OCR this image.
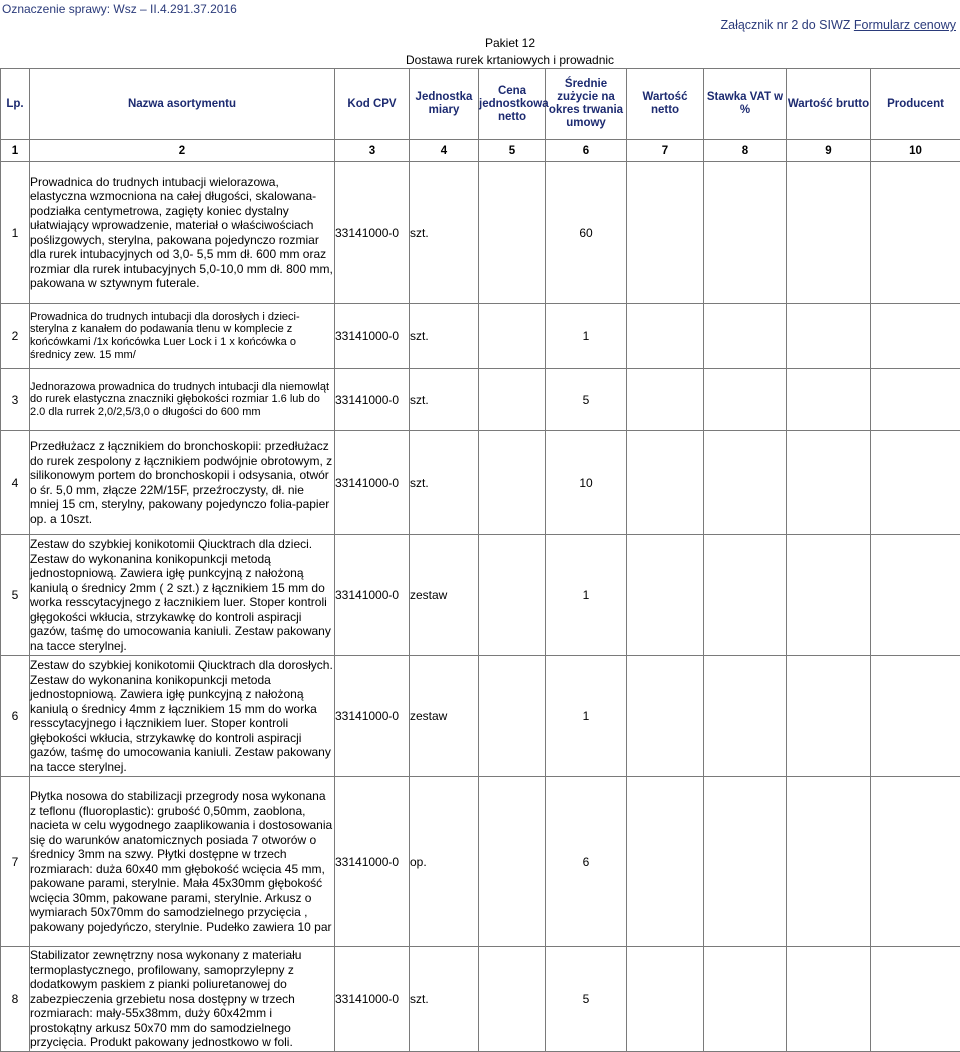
Oznaczenie sprawy: Wsz – II.4.291.37.2016
Załącznik nr 2 do SIWZ Formularz cenowy
Pakiet 12
Dostawa rurek krtaniowych i prowadnic
Lp.	Nazwa asortymentu	Kod CPV	Jednostka miary	Cena jednostkowa netto	Średnie zużycie na okres trwania umowy	Wartość netto	Stawka VAT w %	Wartość brutto	Producent
1	2	3	4	5	6	7	8	9	10
1	Prowadnica do trudnych intubacji wielorazowa, elastyczna wzmocniona na całej długości, skalowana-podziałka centymetrowa, zagięty koniec dystalny ułatwiający wprowadzenie, materiał o właściwościach poślizgowych, sterylna, pakowana pojedynczo rozmiar dla rurek intubacyjnych od 3,0- 5,5 mm dł. 600 mm oraz rozmiar dla rurek intubacyjnych 5,0-10,0 mm dł. 800 mm, pakowana w sztywnym futerale.	33141000-0	szt.		60				
2	Prowadnica do trudnych intubacji dla dorosłych i dzieci-sterylna z kanałem do podawania tlenu w komplecie z końcówkami /1x końcówka Luer Lock i 1 x końcówka o średnicy zew. 15 mm/	33141000-0	szt.		1				
3	Jednorazowa prowadnica do trudnych intubacji dla niemowląt do rurek elastyczna znaczniki głębokości rozmiar 1.6 lub do 2.0 dla rurrek 2,0/2,5/3,0 o długości do 600 mm	33141000-0	szt.		5				
4	Przedłużacz z łącznikiem do bronchoskopii: przedłużacz do rurek zespolony z łącznikiem podwójnie obrotowym, z silikonowym portem do bronchoskopii i odsysania, otwór o śr. 5,0 mm, złącze 22M/15F, przeźroczysty, dł. nie mniej 15 cm, sterylny, pakowany pojedynczo folia-papier op. a 10szt.	33141000-0	szt.		10				
5	Zestaw do szybkiej konikotomii Qiucktrach dla dzieci. Zestaw do wykonanina konikopunkcji metodą jednostopniową. Zawiera igłę punkcyjną z nałożoną kaniulą o średnicy 2mm ( 2 szt.) z łącznikiem 15 mm do worka resscytacyjnego z łacznikiem luer. Stoper kontroli głęgokości wkłucia, strzykawkę do kontroli aspiracji gazów, taśmę do umocowania kaniuli. Zestaw pakowany na tacce sterylnej.	33141000-0	zestaw		1				
6	Zestaw do szybkiej konikotomii Qiucktrach dla dorosłych. Zestaw do wykonanina konikopunkcji metoda jednostopniową. Zawiera igłę punkcyjną z nałożoną kaniulą o średnicy 4mm z łącznikiem 15 mm do worka resscytacyjnego i łącznikiem luer. Stoper kontroli głębokości wkłucia, strzykawkę do kontroli aspiracji gazów, taśmę do umocowania kaniuli. Zestaw pakowany na tacce sterylnej.	33141000-0	zestaw		1				
7	Płytka nosowa do stabilizacji przegrody nosa wykonana z teflonu (fluoroplastic): grubość 0,50mm, zaoblona, nacieta w celu wygodnego zaaplikowania i dostosowania się do warunków anatomicznych posiada 7 otworów o średnicy 3mm na szwy. Płytki dostępne w trzech rozmiarach: duża 60x40 mm głębokość wcięcia 45 mm, pakowane parami, sterylnie. Mała 45x30mm głębokość wcięcia 30mm, pakowane parami, sterylnie. Arkusz o wymiarach 50x70mm do samodzielnego przycięcia , pakowany pojedyńczo, sterylnie. Pudełko zawiera 10 par	33141000-0	op.		6				
8	Stabilizator zewnętrzny nosa wykonany z materiału termoplastycznego, profilowany, samoprzylepny z dodatkowym paskiem z pianki poliuretanowej do zabezpieczenia grzebietu nosa dostępny w trzech rozmiarach: mały-55x38mm, duży 60x42mm i prostokątny arkusz 50x70 mm do samodzielnego przycięcia. Produkt pakowany jednostkowo w foli.	33141000-0	szt.		5				
